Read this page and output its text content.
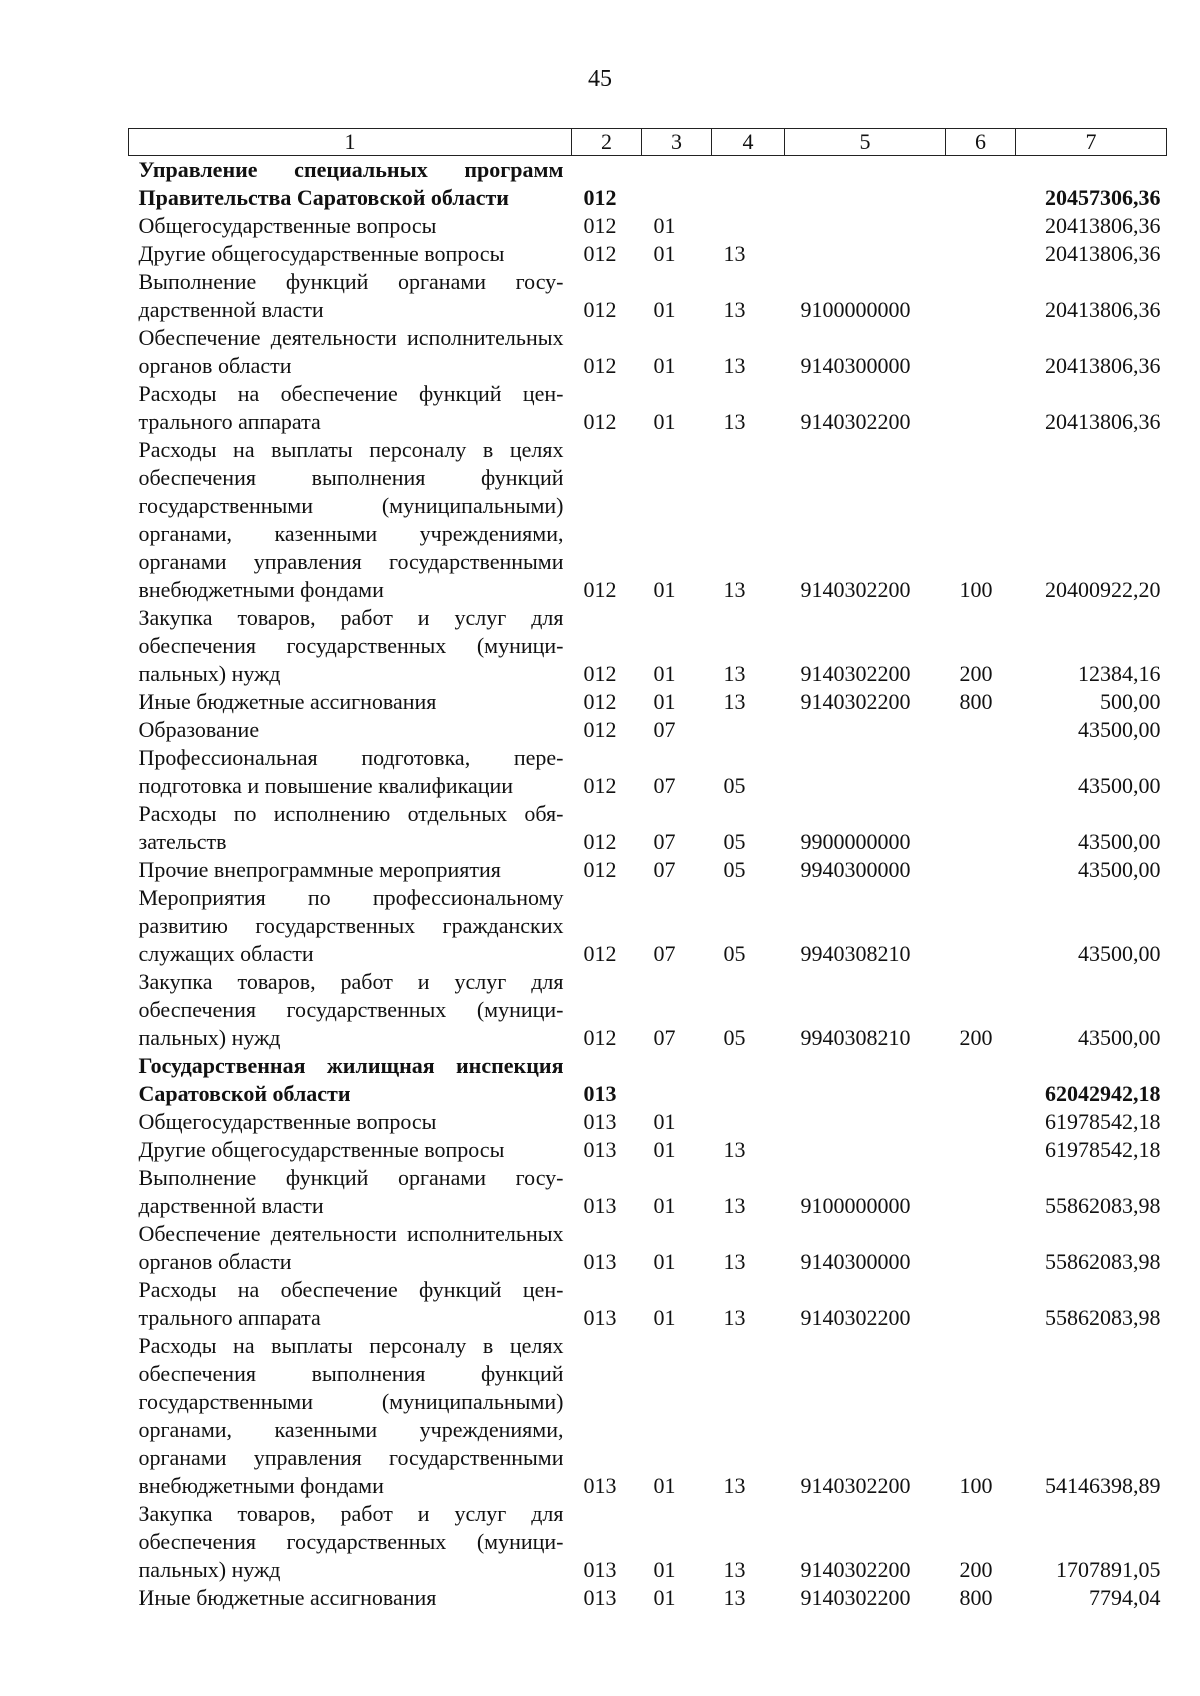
45
1	2	3	4	5	6	7
Управление специальных программ Правительства Саратовской области	012					20457306,36
Общегосударственные вопросы	012	01				20413806,36
Другие общегосударственные вопросы	012	01	13			20413806,36
Выполнение функций органами государственной власти	012	01	13	9100000000		20413806,36
Обеспечение деятельности исполнительных органов области	012	01	13	9140300000		20413806,36
Расходы на обеспечение функций центрального аппарата	012	01	13	9140302200		20413806,36
Расходы на выплаты персоналу в целях обеспечения выполнения функций государственными (муниципальными) органами, казенными учреждениями, органами управления государственными внебюджетными фондами	012	01	13	9140302200	100	20400922,20
Закупка товаров, работ и услуг для обеспечения государственных (муниципальных) нужд	012	01	13	9140302200	200	12384,16
Иные бюджетные ассигнования	012	01	13	9140302200	800	500,00
Образование	012	07				43500,00
Профессиональная подготовка, переподготовка и повышение квалификации	012	07	05			43500,00
Расходы по исполнению отдельных обязательств	012	07	05	9900000000		43500,00
Прочие внепрограммные мероприятия	012	07	05	9940300000		43500,00
Мероприятия по профессиональному развитию государственных гражданских служащих области	012	07	05	9940308210		43500,00
Закупка товаров, работ и услуг для обеспечения государственных (муниципальных) нужд	012	07	05	9940308210	200	43500,00
Государственная жилищная инспекция Саратовской области	013					62042942,18
Общегосударственные вопросы	013	01				61978542,18
Другие общегосударственные вопросы	013	01	13			61978542,18
Выполнение функций органами государственной власти	013	01	13	9100000000		55862083,98
Обеспечение деятельности исполнительных органов области	013	01	13	9140300000		55862083,98
Расходы на обеспечение функций центрального аппарата	013	01	13	9140302200		55862083,98
Расходы на выплаты персоналу в целях обеспечения выполнения функций государственными (муниципальными) органами, казенными учреждениями, органами управления государственными внебюджетными фондами	013	01	13	9140302200	100	54146398,89
Закупка товаров, работ и услуг для обеспечения государственных (муниципальных) нужд	013	01	13	9140302200	200	1707891,05
Иные бюджетные ассигнования	013	01	13	9140302200	800	7794,04
